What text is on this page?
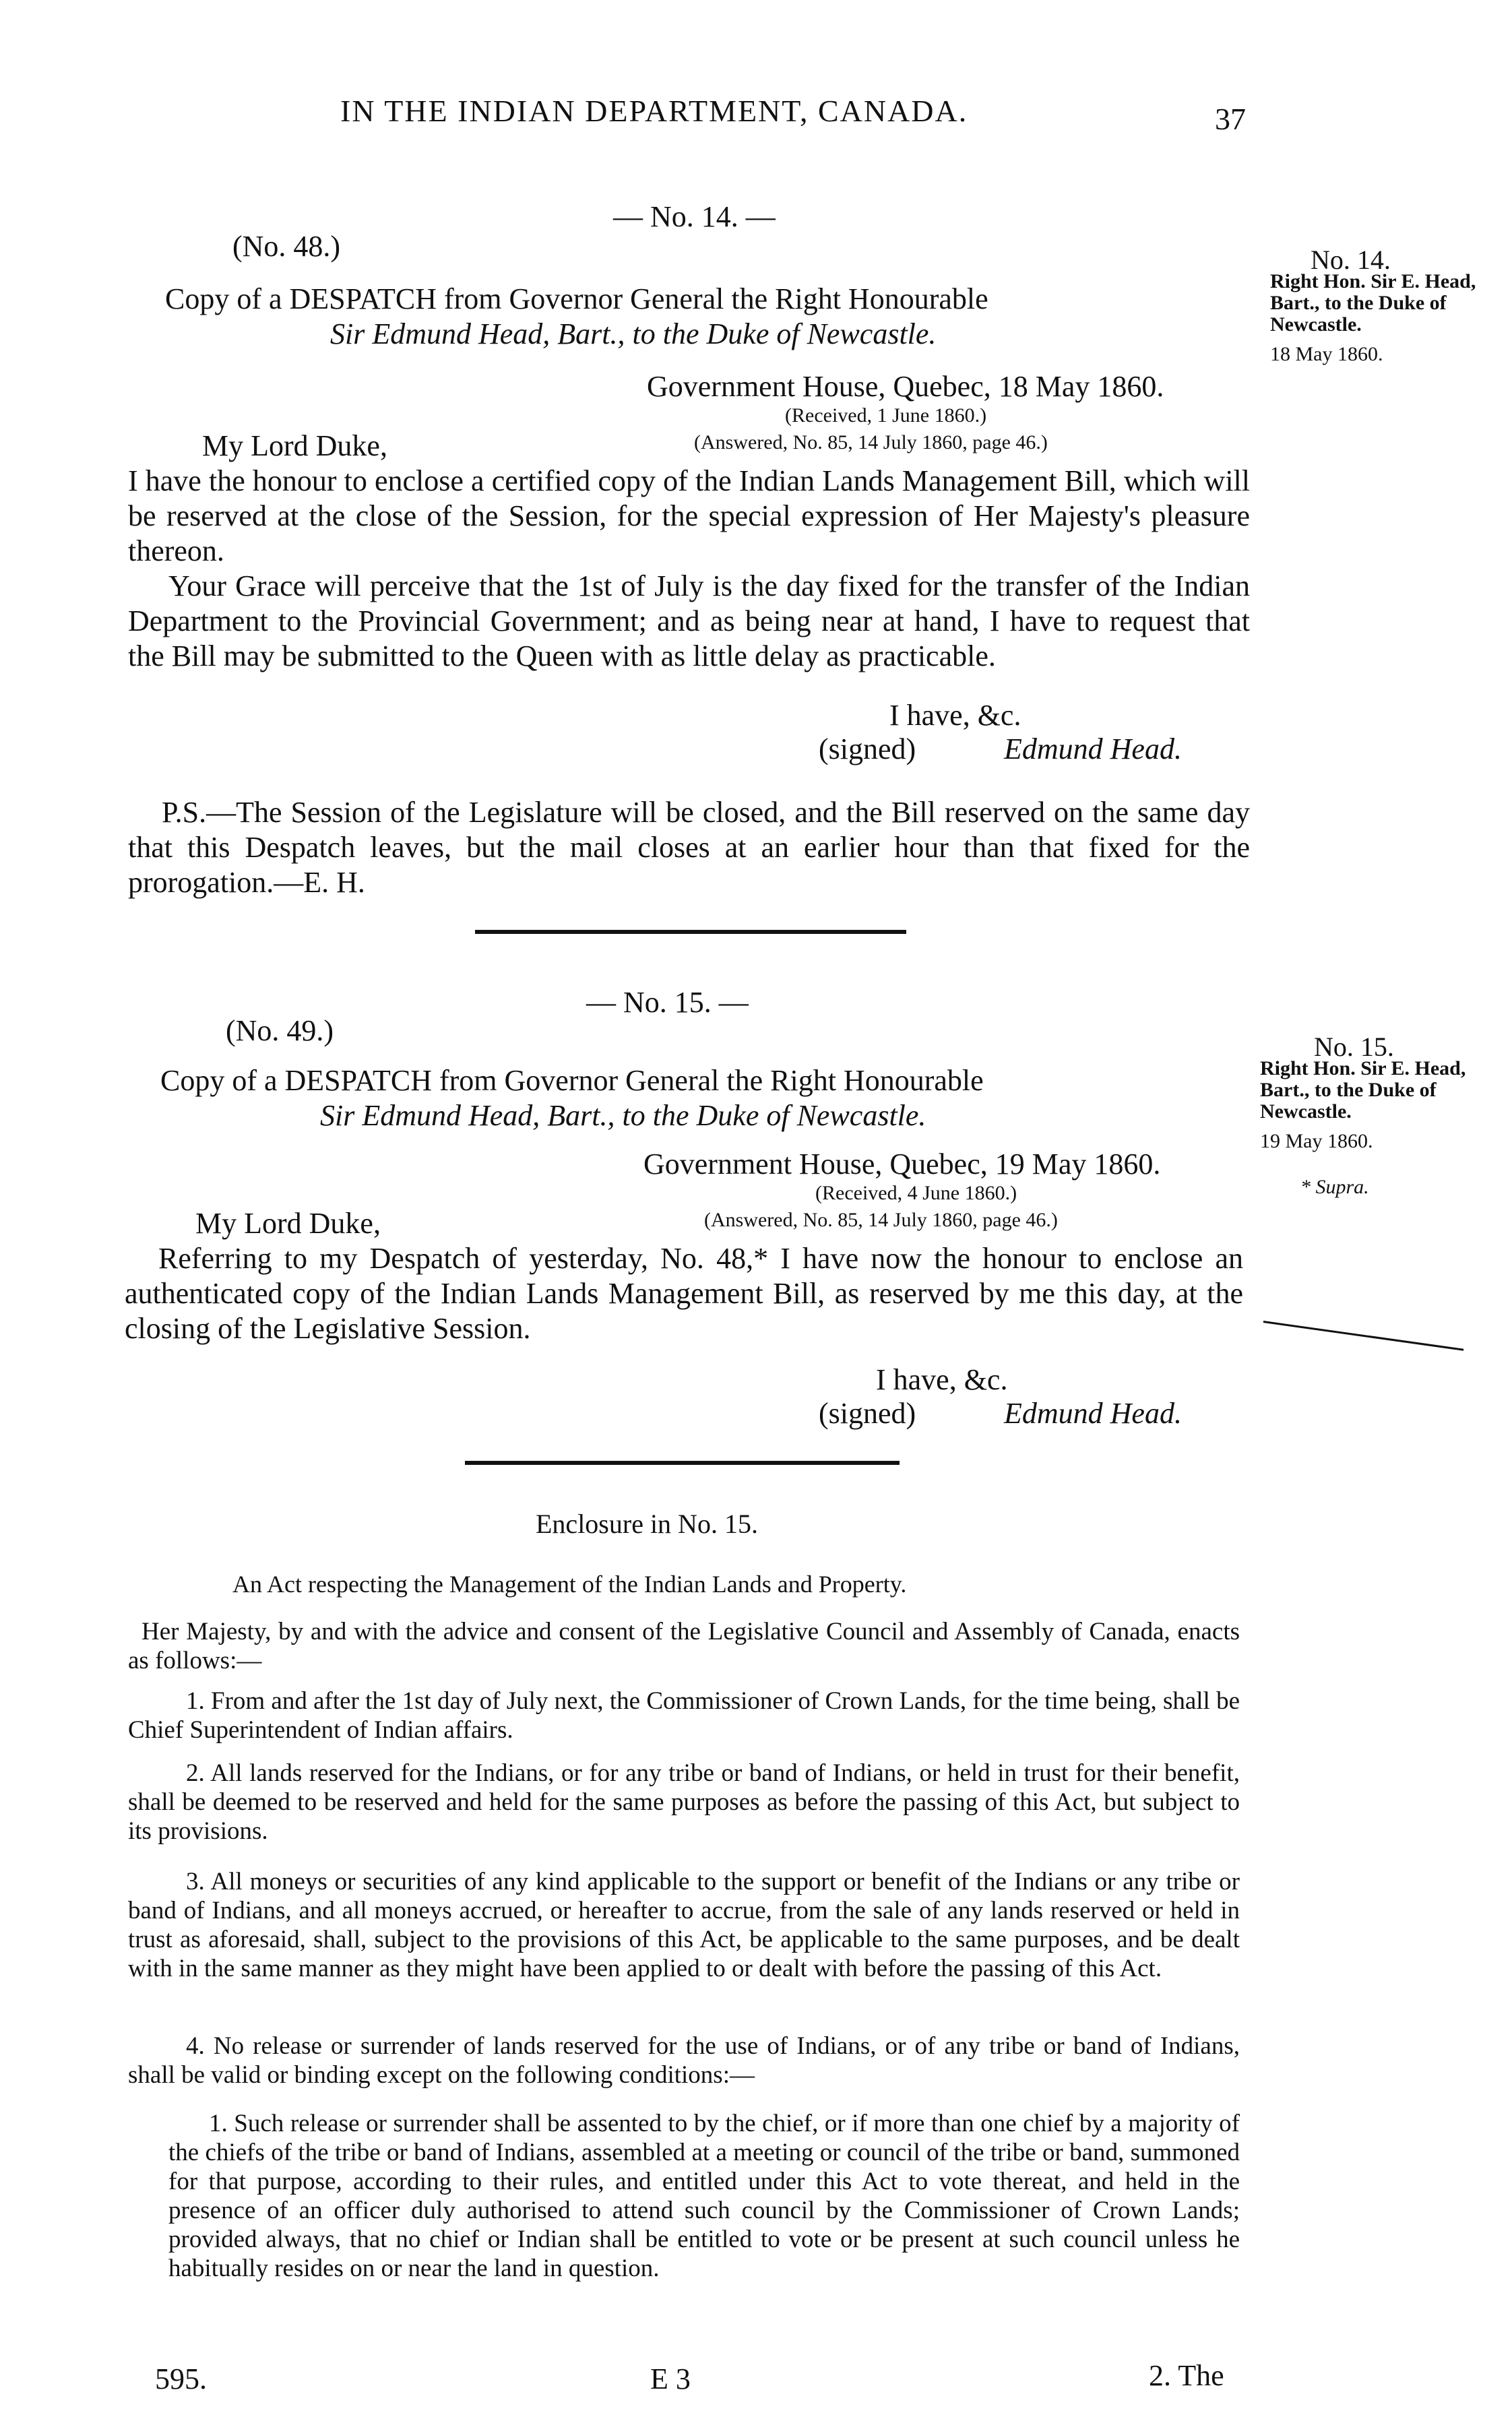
IN THE INDIAN DEPARTMENT, CANADA.	37
— No. 14. —
(No. 48.)
Copy of a DESPATCH from Governor General the Right Honourable
Sir Edmund Head, Bart., to the Duke of Newcastle.
Government House, Quebec, 18 May 1860.
(Received, 1 June 1860.)
My Lord Duke,	(Answered, No. 85, 14 July 1860, page 46.)
I have the honour to enclose a certified copy of the Indian Lands Management Bill, which will be reserved at the close of the Session, for the special expression of Her Majesty's pleasure thereon.
Your Grace will perceive that the 1st of July is the day fixed for the transfer of the Indian Department to the Provincial Government; and as being near at hand, I have to request that the Bill may be submitted to the Queen with as little delay as practicable.
I have, &c.
(signed)	Edmund Head.
P.S.—The Session of the Legislature will be closed, and the Bill reserved on the same day that this Despatch leaves, but the mail closes at an earlier hour than that fixed for the prorogation.—E. H.
No. 14.
Right Hon. Sir E. Head, Bart., to the Duke of Newcastle.
18 May 1860.
— No. 15. —
(No. 49.)
Copy of a DESPATCH from Governor General the Right Honourable
Sir Edmund Head, Bart., to the Duke of Newcastle.
Government House, Quebec, 19 May 1860.
(Received, 4 June 1860.)
My Lord Duke,	(Answered, No. 85, 14 July 1860, page 46.)
Referring to my Despatch of yesterday, No. 48,* I have now the honour to enclose an authenticated copy of the Indian Lands Management Bill, as reserved by me this day, at the closing of the Legislative Session.
I have, &c.
(signed)	Edmund Head.
No. 15.
Right Hon. Sir E. Head, Bart., to the Duke of Newcastle.
19 May 1860.
* Supra.
Enclosure in No. 15.
An Act respecting the Management of the Indian Lands and Property.
Her Majesty, by and with the advice and consent of the Legislative Council and Assembly of Canada, enacts as follows:—
1. From and after the 1st day of July next, the Commissioner of Crown Lands, for the time being, shall be Chief Superintendent of Indian affairs.
2. All lands reserved for the Indians, or for any tribe or band of Indians, or held in trust for their benefit, shall be deemed to be reserved and held for the same purposes as before the passing of this Act, but subject to its provisions.
3. All moneys or securities of any kind applicable to the support or benefit of the Indians or any tribe or band of Indians, and all moneys accrued, or hereafter to accrue, from the sale of any lands reserved or held in trust as aforesaid, shall, subject to the provisions of this Act, be applicable to the same purposes, and be dealt with in the same manner as they might have been applied to or dealt with before the passing of this Act.
4. No release or surrender of lands reserved for the use of Indians, or of any tribe or band of Indians, shall be valid or binding except on the following conditions:—
1. Such release or surrender shall be assented to by the chief, or if more than one chief by a majority of the chiefs of the tribe or band of Indians, assembled at a meeting or council of the tribe or band, summoned for that purpose, according to their rules, and entitled under this Act to vote thereat, and held in the presence of an officer duly authorised to attend such council by the Commissioner of Crown Lands; provided always, that no chief or Indian shall be entitled to vote or be present at such council unless he habitually resides on or near the land in question.
595.	E 3	2. The
